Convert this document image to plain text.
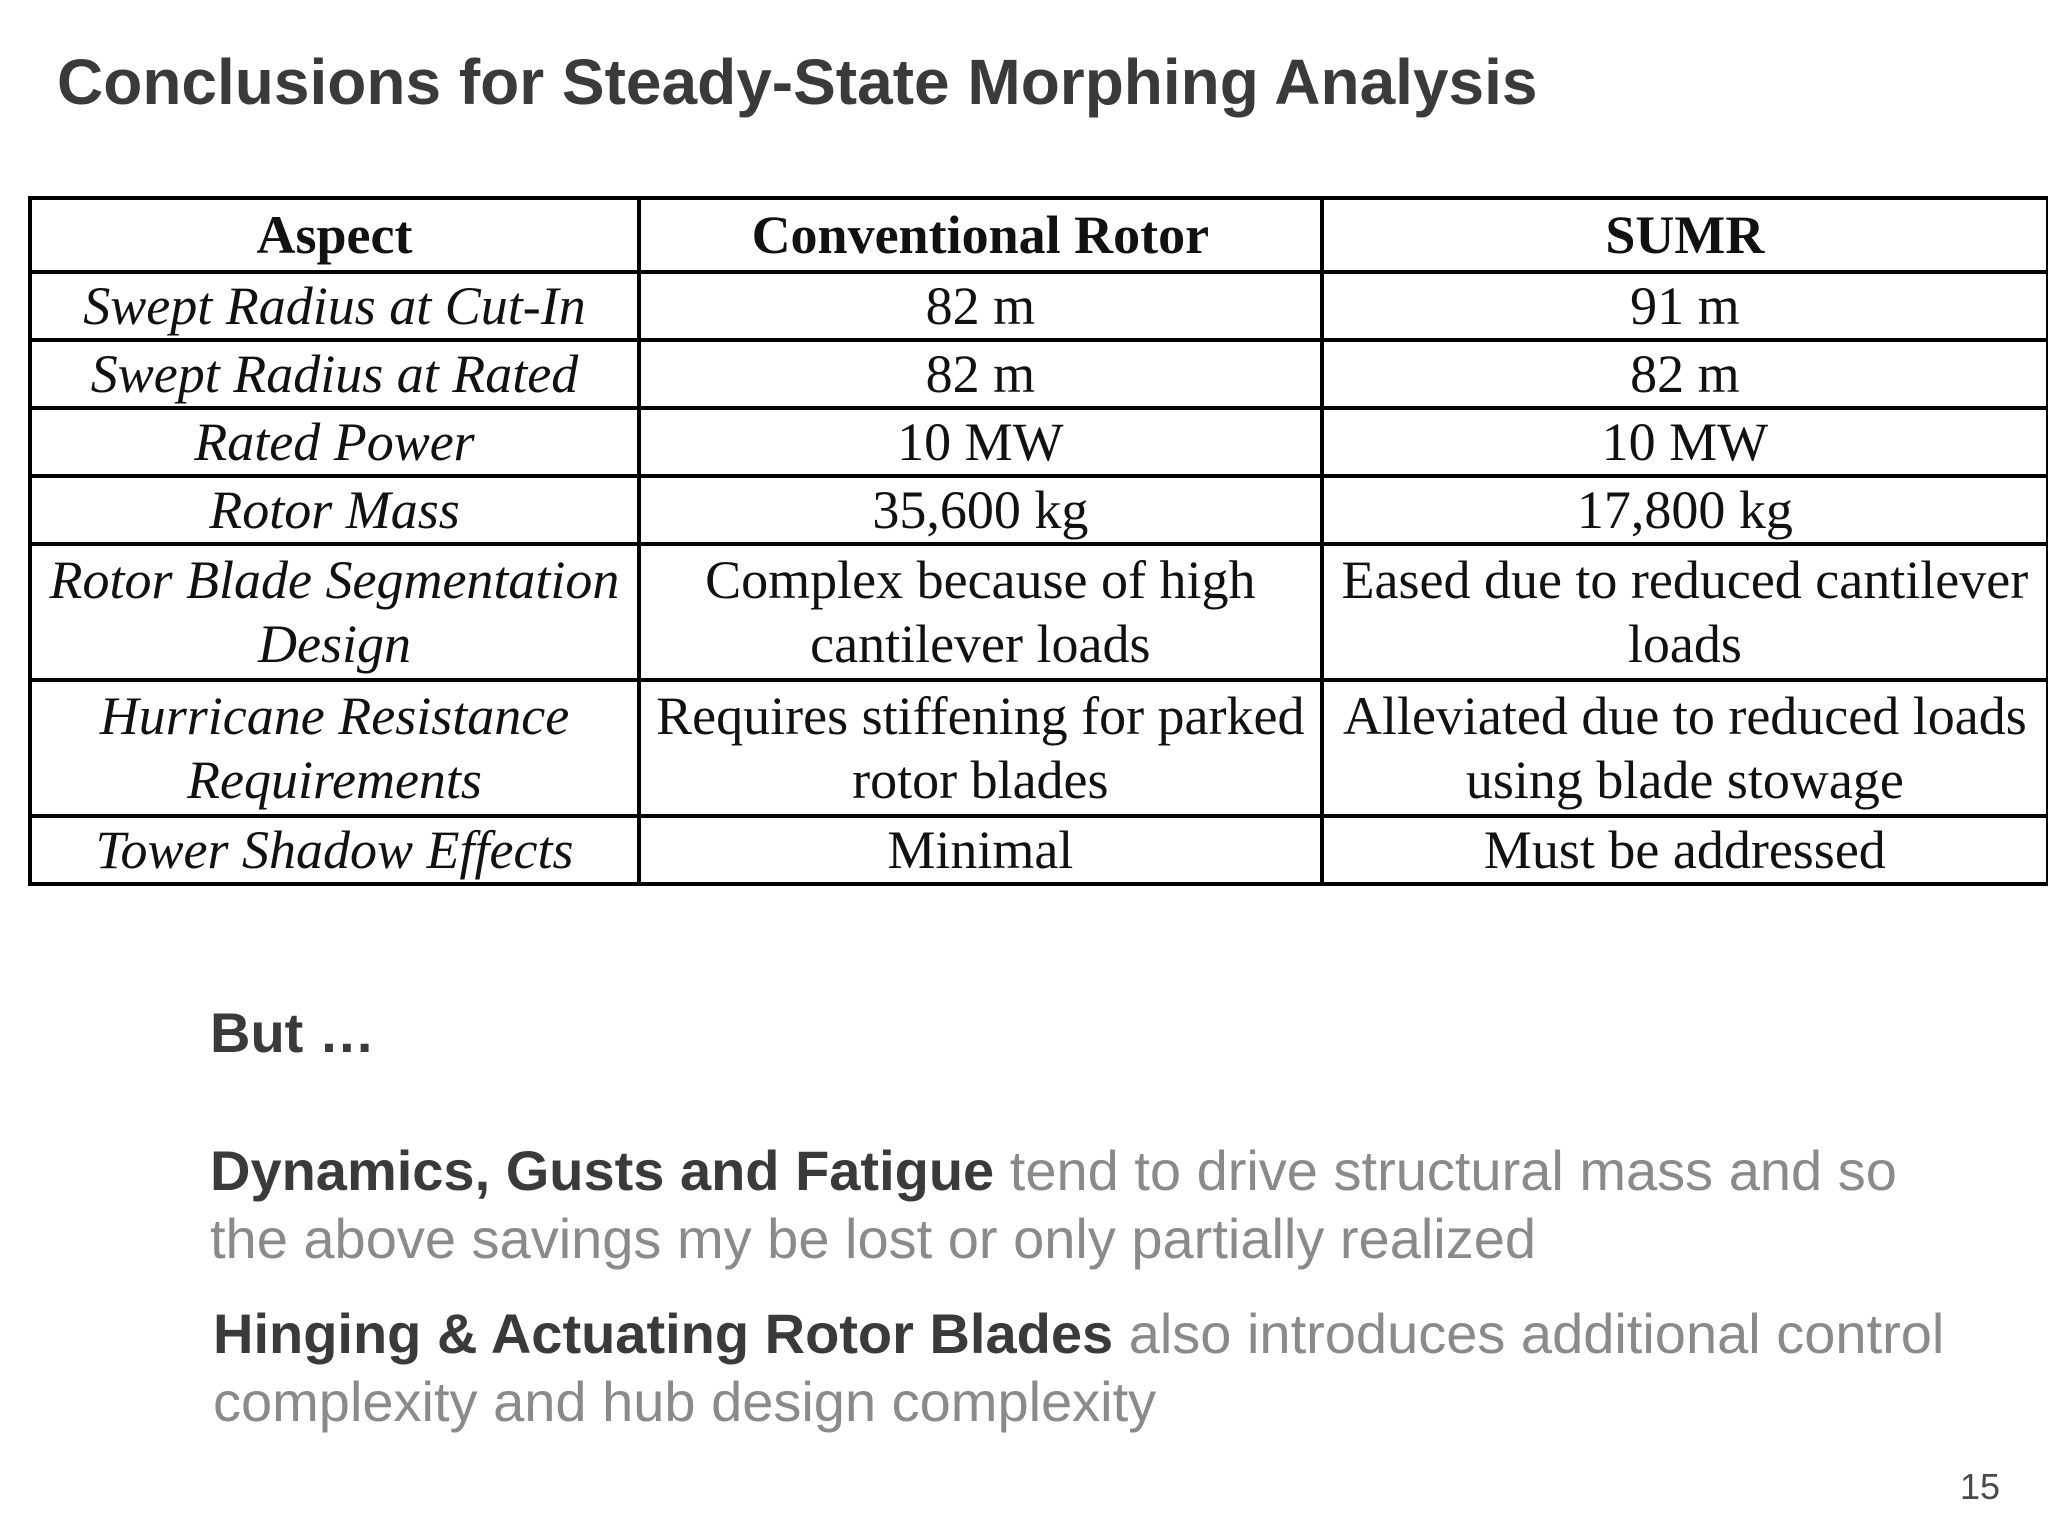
Conclusions for Steady-State Morphing Analysis
Aspect	Conventional Rotor	SUMR
Swept Radius at Cut-In	82 m	91 m
Swept Radius at Rated	82 m	82 m
Rated Power	10 MW	10 MW
Rotor Mass	35,600 kg	17,800 kg
Rotor Blade Segmentation Design	Complex because of high cantilever loads	Eased due to reduced cantilever loads
Hurricane Resistance Requirements	Requires stiffening for parked rotor blades	Alleviated due to reduced loads using blade stowage
Tower Shadow Effects	Minimal	Must be addressed
But …
Dynamics, Gusts and Fatigue tend to drive structural mass and so the above savings my be lost or only partially realized
Hinging & Actuating Rotor Blades also introduces additional control complexity and hub design complexity
15
